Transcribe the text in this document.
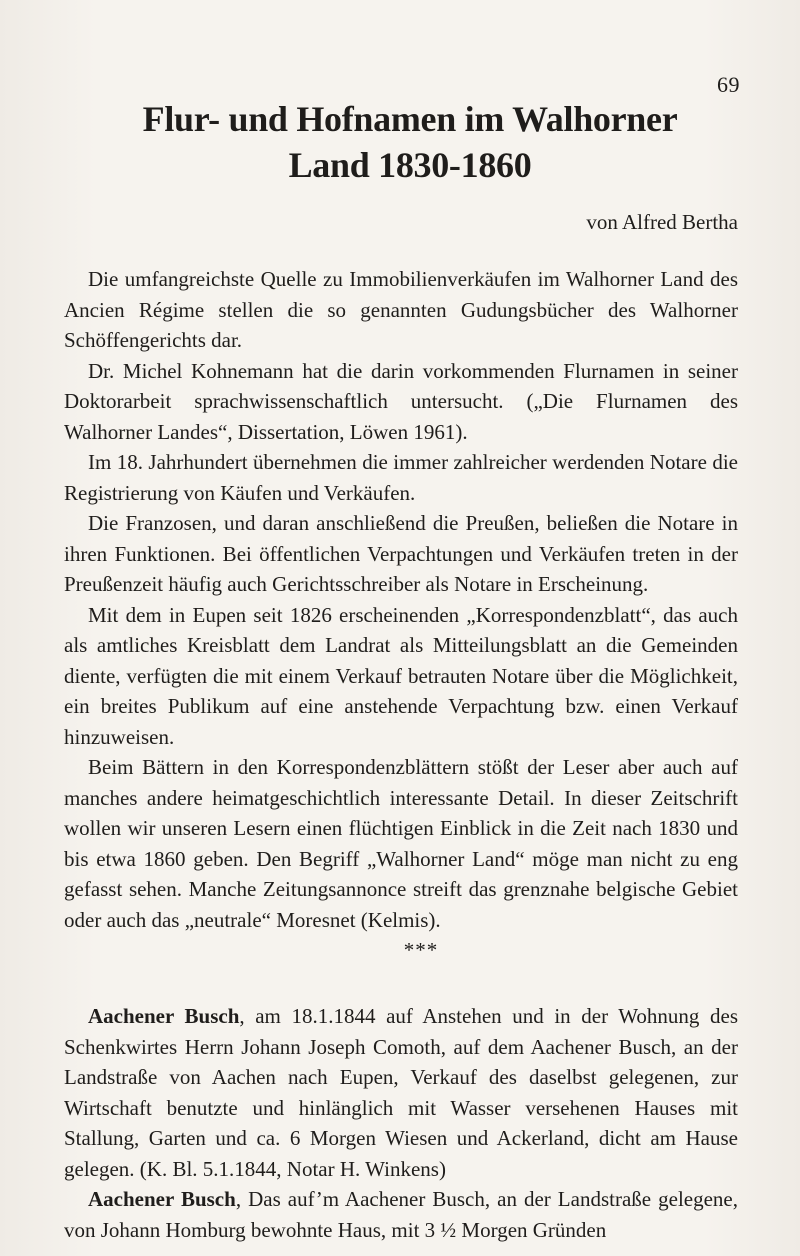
69
Flur- und Hofnamen im Walhorner
Land 1830-1860
von Alfred Bertha

Die umfangreichste Quelle zu Immobilienverkäufen im Walhorner Land des Ancien Régime stellen die so genannten Gudungsbücher des Walhorner Schöffengerichts dar.

Dr. Michel Kohnemann hat die darin vorkommenden Flurnamen in seiner Doktorarbeit sprachwissenschaftlich untersucht. („Die Flurnamen des Walhorner Landes“, Dissertation, Löwen 1961).

Im 18. Jahrhundert übernehmen die immer zahlreicher werdenden Notare die Registrierung von Käufen und Verkäufen.

Die Franzosen, und daran anschließend die Preußen, beließen die Notare in ihren Funktionen. Bei öffentlichen Verpachtungen und Verkäufen treten in der Preußenzeit häufig auch Gerichtsschreiber als Notare in Erscheinung.

Mit dem in Eupen seit 1826 erscheinenden „Korrespondenzblatt“, das auch als amtliches Kreisblatt dem Landrat als Mitteilungsblatt an die Gemeinden diente, verfügten die mit einem Verkauf betrauten Notare über die Möglichkeit, ein breites Publikum auf eine anstehende Verpachtung bzw. einen Verkauf hinzuweisen.

Beim Bättern in den Korrespondenzblättern stößt der Leser aber auch auf manches andere heimatgeschichtlich interessante Detail. In dieser Zeitschrift wollen wir unseren Lesern einen flüchtigen Einblick in die Zeit nach 1830 und bis etwa 1860 geben. Den Begriff „Walhorner Land“ möge man nicht zu eng gefasst sehen. Manche Zeitungsannonce streift das grenznahe belgische Gebiet oder auch das „neutrale“ Moresnet (Kelmis).

***

Aachener Busch, am 18.1.1844 auf Anstehen und in der Wohnung des Schenkwirtes Herrn Johann Joseph Comoth, auf dem Aachener Busch, an der Landstraße von Aachen nach Eupen, Verkauf des daselbst gelegenen, zur Wirtschaft benutzte und hinlänglich mit Wasser versehenen Hauses mit Stallung, Garten und ca. 6 Morgen Wiesen und Ackerland, dicht am Hause gelegen. (K. Bl. 5.1.1844, Notar H. Winkens)

Aachener Busch, Das auf’m Aachener Busch, an der Landstraße gelegene, von Johann Homburg bewohnte Haus, mit 3 ½ Morgen Gründen
